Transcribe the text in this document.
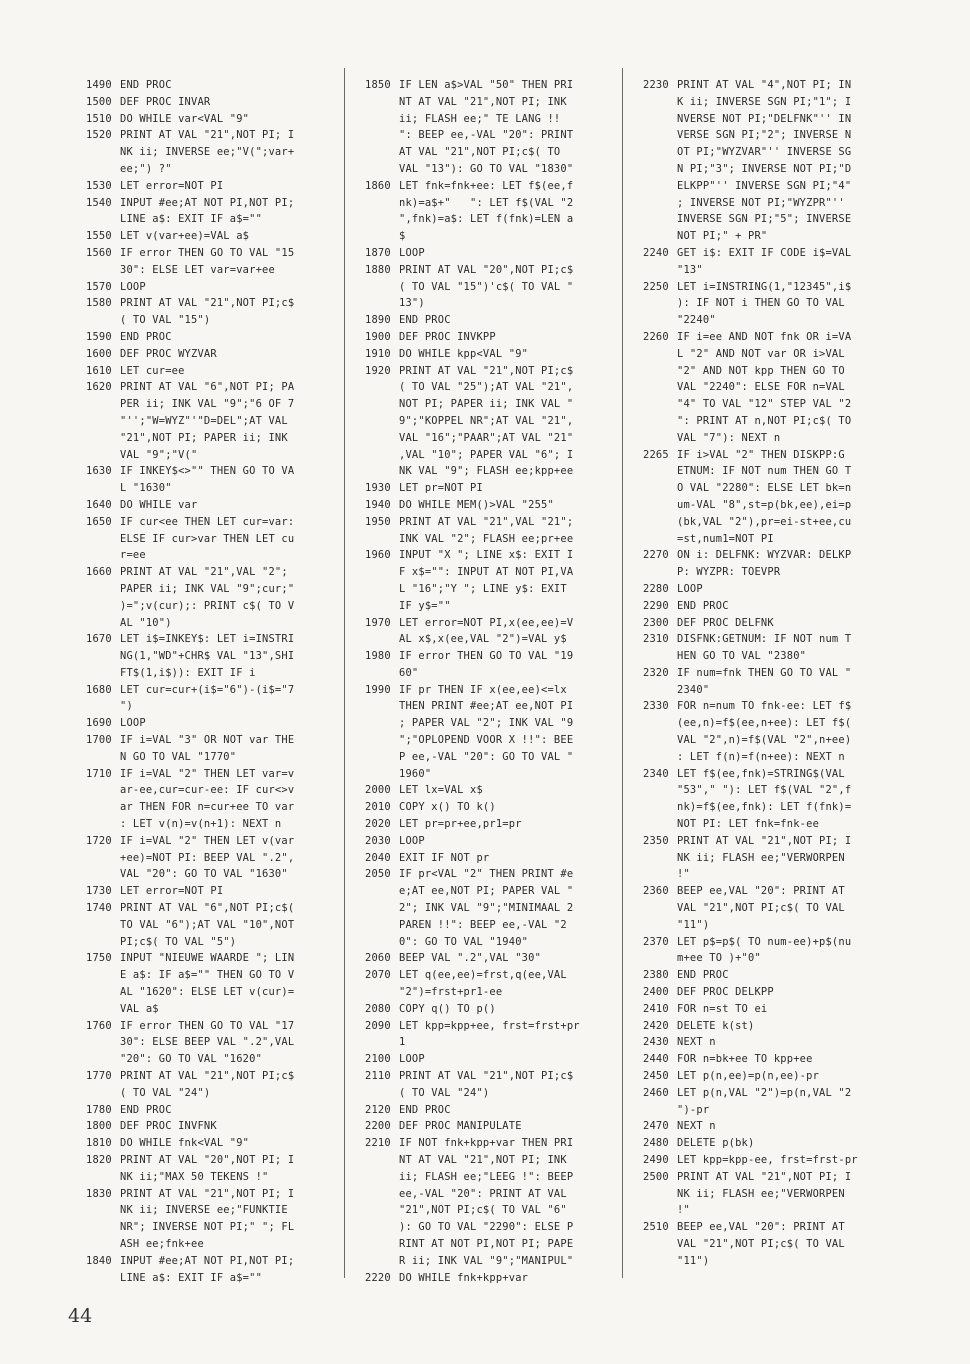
1490 END PROC
1500 DEF PROC INVAR
1510 DO WHILE var<VAL "9"
1520 PRINT AT VAL "21",NOT PI; I
NK ii; INVERSE ee;"V(";var+
ee;") ?"
1530 LET error=NOT PI
1540 INPUT #ee;AT NOT PI,NOT PI;
LINE a$: EXIT IF a$=""
1550 LET v(var+ee)=VAL a$
1560 IF error THEN GO TO VAL "15
30": ELSE LET var=var+ee
1570 LOOP
1580 PRINT AT VAL "21",NOT PI;c$
( TO VAL "15")
1590 END PROC
1600 DEF PROC WYZVAR
1610 LET cur=ee
1620 PRINT AT VAL "6",NOT PI; PA
PER ii; INK VAL "9";"6 OF 7
"'';"W=WYZ"'"D=DEL";AT VAL
"21",NOT PI; PAPER ii; INK
VAL "9";"V("
1630 IF INKEY$<>"" THEN GO TO VA
L "1630"
1640 DO WHILE var
1650 IF cur<ee THEN LET cur=var:
ELSE IF cur>var THEN LET cu
r=ee
1660 PRINT AT VAL "21",VAL "2";
PAPER ii; INK VAL "9";cur;"
)=";v(cur);: PRINT c$( TO V
AL "10")
1670 LET i$=INKEY$: LET i=INSTRI
NG(1,"WD"+CHR$ VAL "13",SHI
FT$(1,i$)): EXIT IF i
1680 LET cur=cur+(i$="6")-(i$="7
")
1690 LOOP
1700 IF i=VAL "3" OR NOT var THE
N GO TO VAL "1770"
1710 IF i=VAL "2" THEN LET var=v
ar-ee,cur=cur-ee: IF cur<>v
ar THEN FOR n=cur+ee TO var
: LET v(n)=v(n+1): NEXT n
1720 IF i=VAL "2" THEN LET v(var
+ee)=NOT PI: BEEP VAL ".2",
VAL "20": GO TO VAL "1630"
1730 LET error=NOT PI
1740 PRINT AT VAL "6",NOT PI;c$(
TO VAL "6");AT VAL "10",NOT
PI;c$( TO VAL "5")
1750 INPUT "NIEUWE WAARDE "; LIN
E a$: IF a$="" THEN GO TO V
AL "1620": ELSE LET v(cur)=
VAL a$
1760 IF error THEN GO TO VAL "17
30": ELSE BEEP VAL ".2",VAL
"20": GO TO VAL "1620"
1770 PRINT AT VAL "21",NOT PI;c$
( TO VAL "24")
1780 END PROC
1800 DEF PROC INVFNK
1810 DO WHILE fnk<VAL "9"
1820 PRINT AT VAL "20",NOT PI; I
NK ii;"MAX 50 TEKENS !"
1830 PRINT AT VAL "21",NOT PI; I
NK ii; INVERSE ee;"FUNKTIE
NR"; INVERSE NOT PI;" "; FL
ASH ee;fnk+ee
1840 INPUT #ee;AT NOT PI,NOT PI;
LINE a$: EXIT IF a$=""
1850 IF LEN a$>VAL "50" THEN PRI
NT AT VAL "21",NOT PI; INK
ii; FLASH ee;" TE LANG !!
": BEEP ee,-VAL "20": PRINT
AT VAL "21",NOT PI;c$( TO
VAL "13"): GO TO VAL "1830"
1860 LET fnk=fnk+ee: LET f$(ee,f
nk)=a$+"   ": LET f$(VAL "2
",fnk)=a$: LET f(fnk)=LEN a
$
1870 LOOP
1880 PRINT AT VAL "20",NOT PI;c$
( TO VAL "15")'c$( TO VAL "
13")
1890 END PROC
1900 DEF PROC INVKPP
1910 DO WHILE kpp<VAL "9"
1920 PRINT AT VAL "21",NOT PI;c$
( TO VAL "25");AT VAL "21",
NOT PI; PAPER ii; INK VAL "
9";"KOPPEL NR";AT VAL "21",
VAL "16";"PAAR";AT VAL "21"
,VAL "10"; PAPER VAL "6"; I
NK VAL "9"; FLASH ee;kpp+ee
1930 LET pr=NOT PI
1940 DO WHILE MEM()>VAL "255"
1950 PRINT AT VAL "21",VAL "21";
INK VAL "2"; FLASH ee;pr+ee
1960 INPUT "X "; LINE x$: EXIT I
F x$="": INPUT AT NOT PI,VA
L "16";"Y "; LINE y$: EXIT
IF y$=""
1970 LET error=NOT PI,x(ee,ee)=V
AL x$,x(ee,VAL "2")=VAL y$
1980 IF error THEN GO TO VAL "19
60"
1990 IF pr THEN IF x(ee,ee)<=lx
THEN PRINT #ee;AT ee,NOT PI
; PAPER VAL "2"; INK VAL "9
";"OPLOPEND VOOR X !!": BEE
P ee,-VAL "20": GO TO VAL "
1960"
2000 LET lx=VAL x$
2010 COPY x() TO k()
2020 LET pr=pr+ee,pr1=pr
2030 LOOP
2040 EXIT IF NOT pr
2050 IF pr<VAL "2" THEN PRINT #e
e;AT ee,NOT PI; PAPER VAL "
2"; INK VAL "9";"MINIMAAL 2
PAREN !!": BEEP ee,-VAL "2
0": GO TO VAL "1940"
2060 BEEP VAL ".2",VAL "30"
2070 LET q(ee,ee)=frst,q(ee,VAL
"2")=frst+pr1-ee
2080 COPY q() TO p()
2090 LET kpp=kpp+ee, frst=frst+pr
1
2100 LOOP
2110 PRINT AT VAL "21",NOT PI;c$
( TO VAL "24")
2120 END PROC
2200 DEF PROC MANIPULATE
2210 IF NOT fnk+kpp+var THEN PRI
NT AT VAL "21",NOT PI; INK
ii; FLASH ee;"LEEG !": BEEP
ee,-VAL "20": PRINT AT VAL
"21",NOT PI;c$( TO VAL "6"
): GO TO VAL "2290": ELSE P
RINT AT NOT PI,NOT PI; PAPE
R ii; INK VAL "9";"MANIPUL"
2220 DO WHILE fnk+kpp+var
2230 PRINT AT VAL "4",NOT PI; IN
K ii; INVERSE SGN PI;"1"; I
NVERSE NOT PI;"DELFNK"'' IN
VERSE SGN PI;"2"; INVERSE N
OT PI;"WYZVAR"'' INVERSE SG
N PI;"3"; INVERSE NOT PI;"D
ELKPP"'' INVERSE SGN PI;"4"
; INVERSE NOT PI;"WYZPR"''
INVERSE SGN PI;"5"; INVERSE
NOT PI;" + PR"
2240 GET i$: EXIT IF CODE i$=VAL
"13"
2250 LET i=INSTRING(1,"12345",i$
): IF NOT i THEN GO TO VAL
"2240"
2260 IF i=ee AND NOT fnk OR i=VA
L "2" AND NOT var OR i>VAL
"2" AND NOT kpp THEN GO TO
VAL "2240": ELSE FOR n=VAL
"4" TO VAL "12" STEP VAL "2
": PRINT AT n,NOT PI;c$( TO
VAL "7"): NEXT n
2265 IF i>VAL "2" THEN DISKPP:G
ETNUM: IF NOT num THEN GO T
O VAL "2280": ELSE LET bk=n
um-VAL "8",st=p(bk,ee),ei=p
(bk,VAL "2"),pr=ei-st+ee,cu
=st,num1=NOT PI
2270 ON i: DELFNK: WYZVAR: DELKP
P: WYZPR: TOEVPR
2280 LOOP
2290 END PROC
2300 DEF PROC DELFNK
2310 DISFNK:GETNUM: IF NOT num T
HEN GO TO VAL "2380"
2320 IF num=fnk THEN GO TO VAL "
2340"
2330 FOR n=num TO fnk-ee: LET f$
(ee,n)=f$(ee,n+ee): LET f$(
VAL "2",n)=f$(VAL "2",n+ee)
: LET f(n)=f(n+ee): NEXT n
2340 LET f$(ee,fnk)=STRING$(VAL
"53"," "): LET f$(VAL "2",f
nk)=f$(ee,fnk): LET f(fnk)=
NOT PI: LET fnk=fnk-ee
2350 PRINT AT VAL "21",NOT PI; I
NK ii; FLASH ee;"VERWORPEN
!"
2360 BEEP ee,VAL "20": PRINT AT
VAL "21",NOT PI;c$( TO VAL
"11")
2370 LET p$=p$( TO num-ee)+p$(nu
m+ee TO )+"0"
2380 END PROC
2400 DEF PROC DELKPP
2410 FOR n=st TO ei
2420 DELETE k(st)
2430 NEXT n
2440 FOR n=bk+ee TO kpp+ee
2450 LET p(n,ee)=p(n,ee)-pr
2460 LET p(n,VAL "2")=p(n,VAL "2
")-pr
2470 NEXT n
2480 DELETE p(bk)
2490 LET kpp=kpp-ee, frst=frst-pr
2500 PRINT AT VAL "21",NOT PI; I
NK ii; FLASH ee;"VERWORPEN
!"
2510 BEEP ee,VAL "20": PRINT AT
VAL "21",NOT PI;c$( TO VAL
"11")
44
